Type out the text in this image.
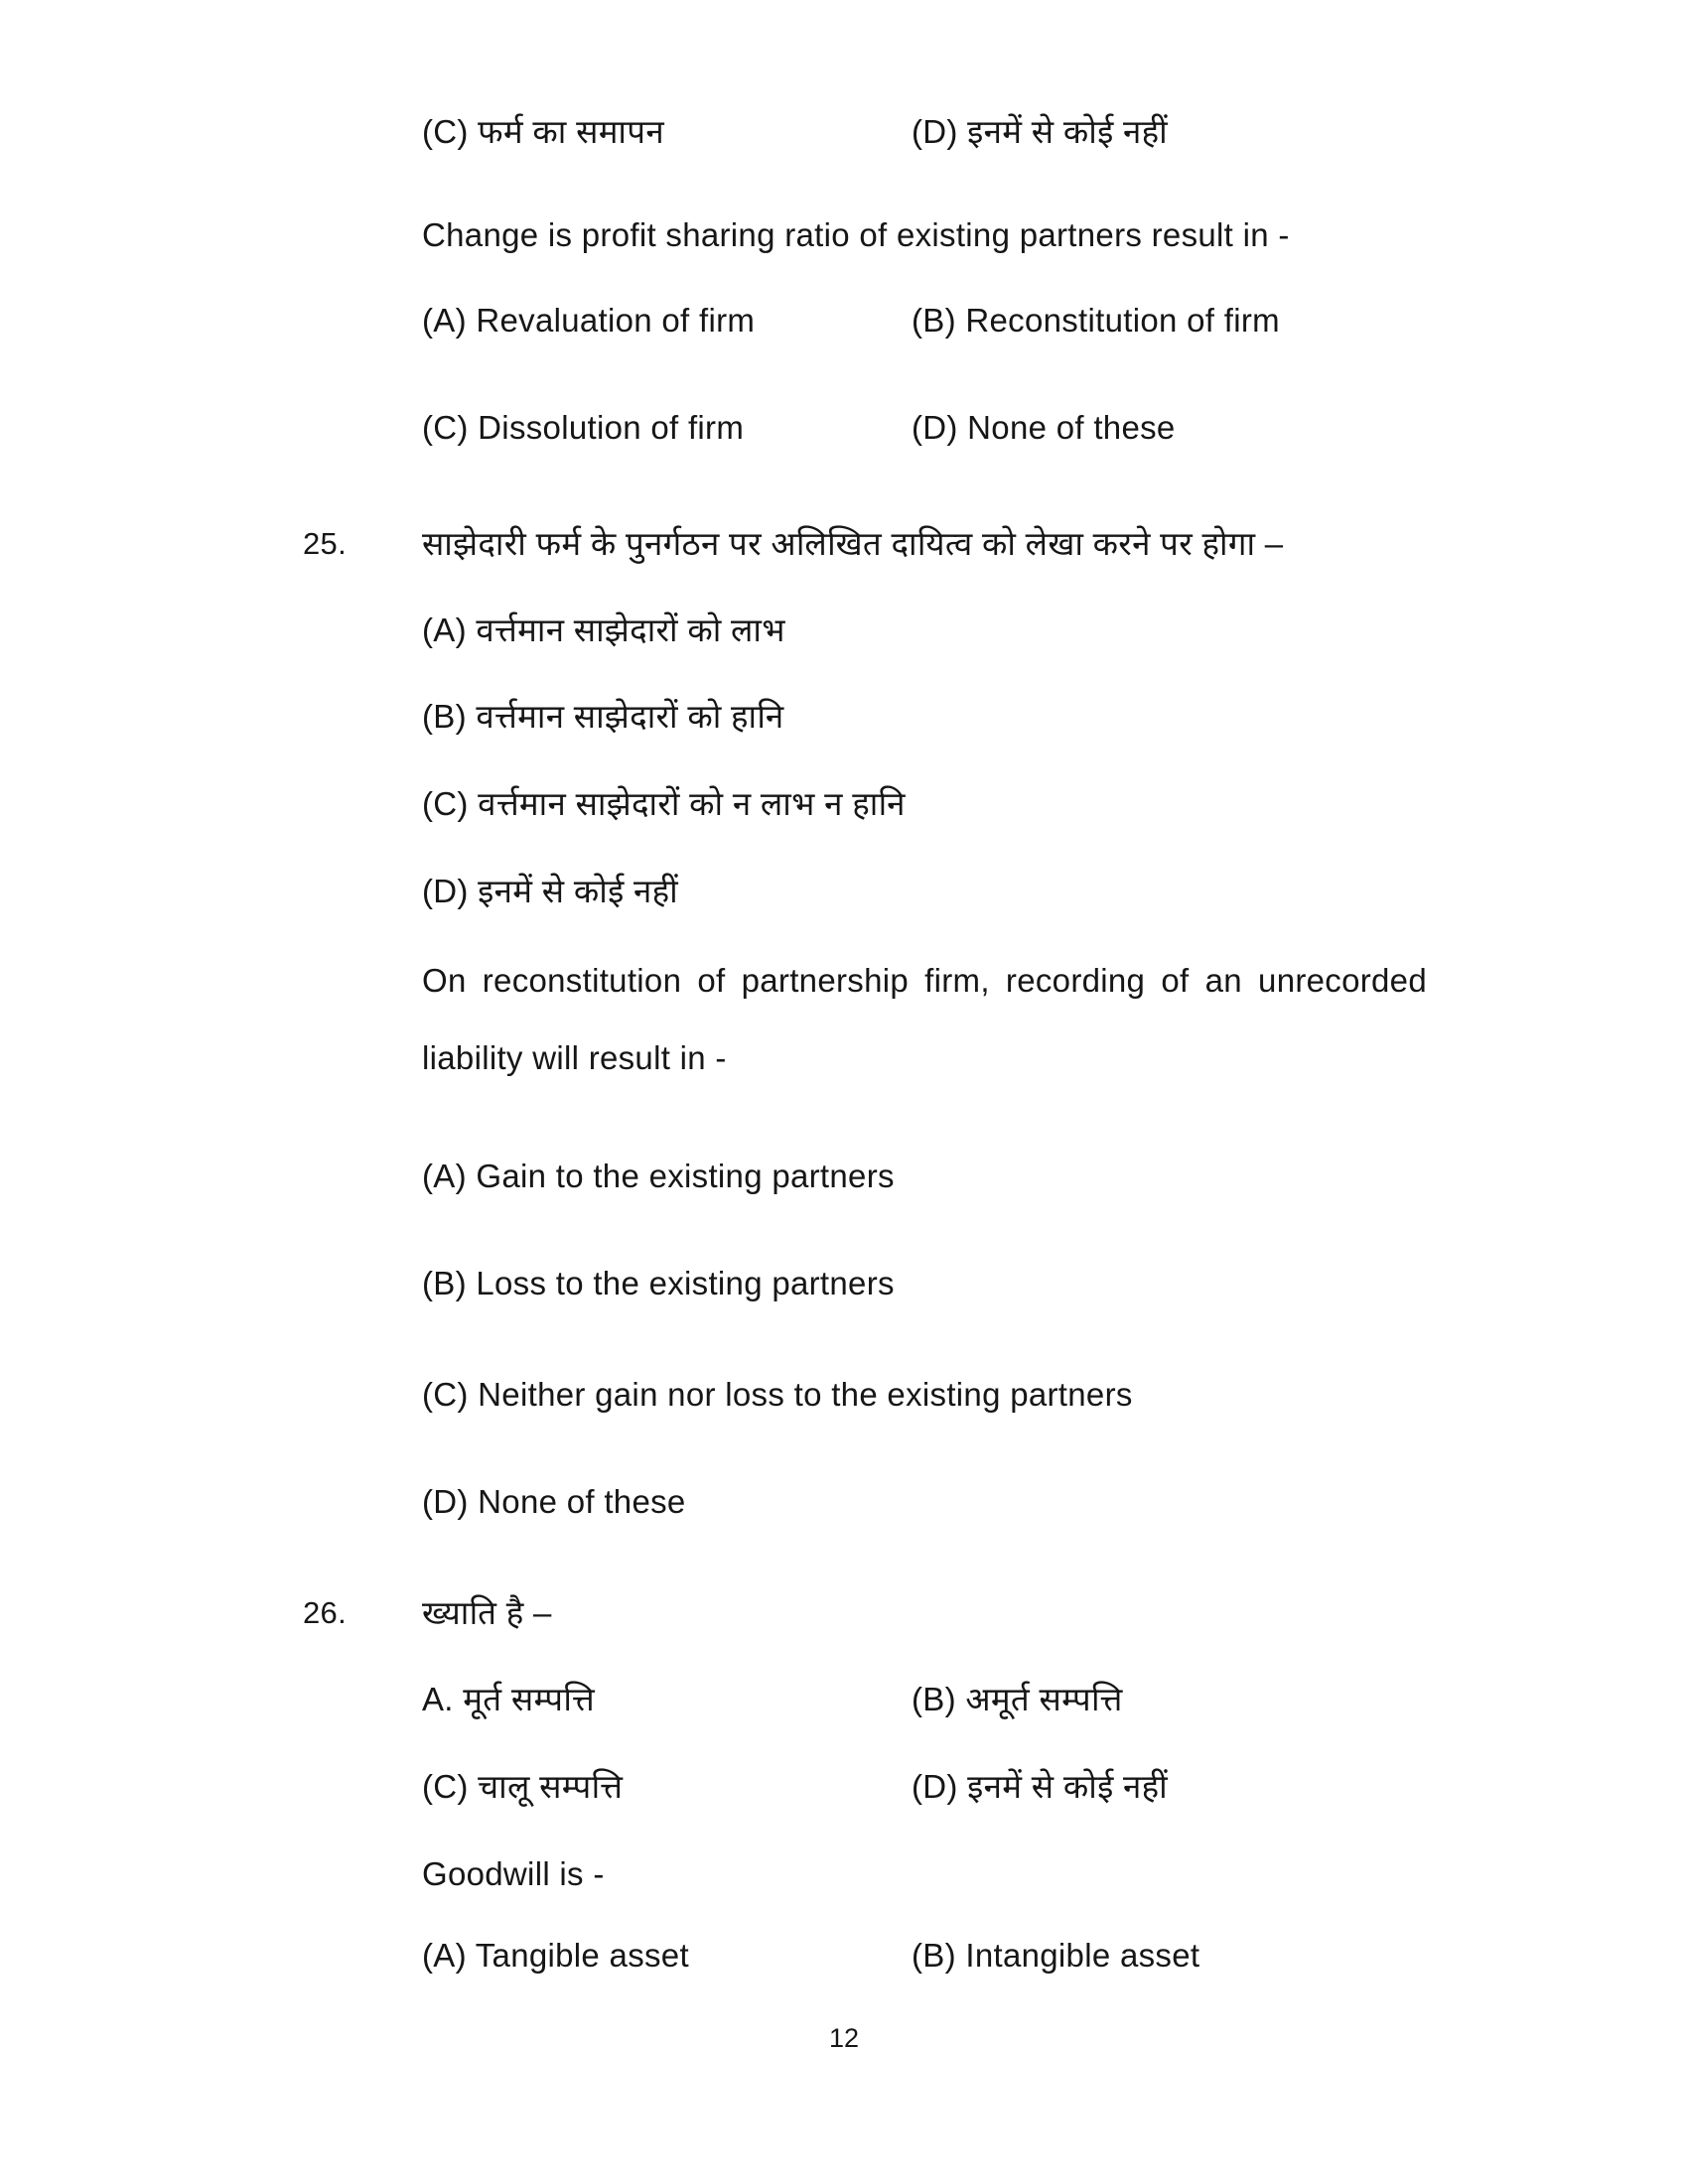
(C) फर्म का समापन	(D) इनमें से कोई नहीं
Change is profit sharing ratio of existing partners result in -
(A) Revaluation of firm	(B) Reconstitution of firm
(C) Dissolution of firm	(D) None of these
25. साझेदारी फर्म के पुनर्गठन पर अलिखित दायित्व को लेखा करने पर होगा –
(A) वर्त्तमान साझेदारों को लाभ
(B) वर्त्तमान साझेदारों को हानि
(C) वर्त्तमान साझेदारों को न लाभ न हानि
(D) इनमें से कोई नहीं
On reconstitution of partnership firm, recording of an unrecorded
liability will result in -
(A) Gain to the existing partners
(B) Loss to the existing partners
(C) Neither gain nor loss to the existing partners
(D) None of these
26. ख्याति है –
A. मूर्त सम्पत्ति	(B) अमूर्त सम्पत्ति
(C) चालू सम्पत्ति	(D) इनमें से कोई नहीं
Goodwill is -
(A) Tangible asset	(B) Intangible asset
12
